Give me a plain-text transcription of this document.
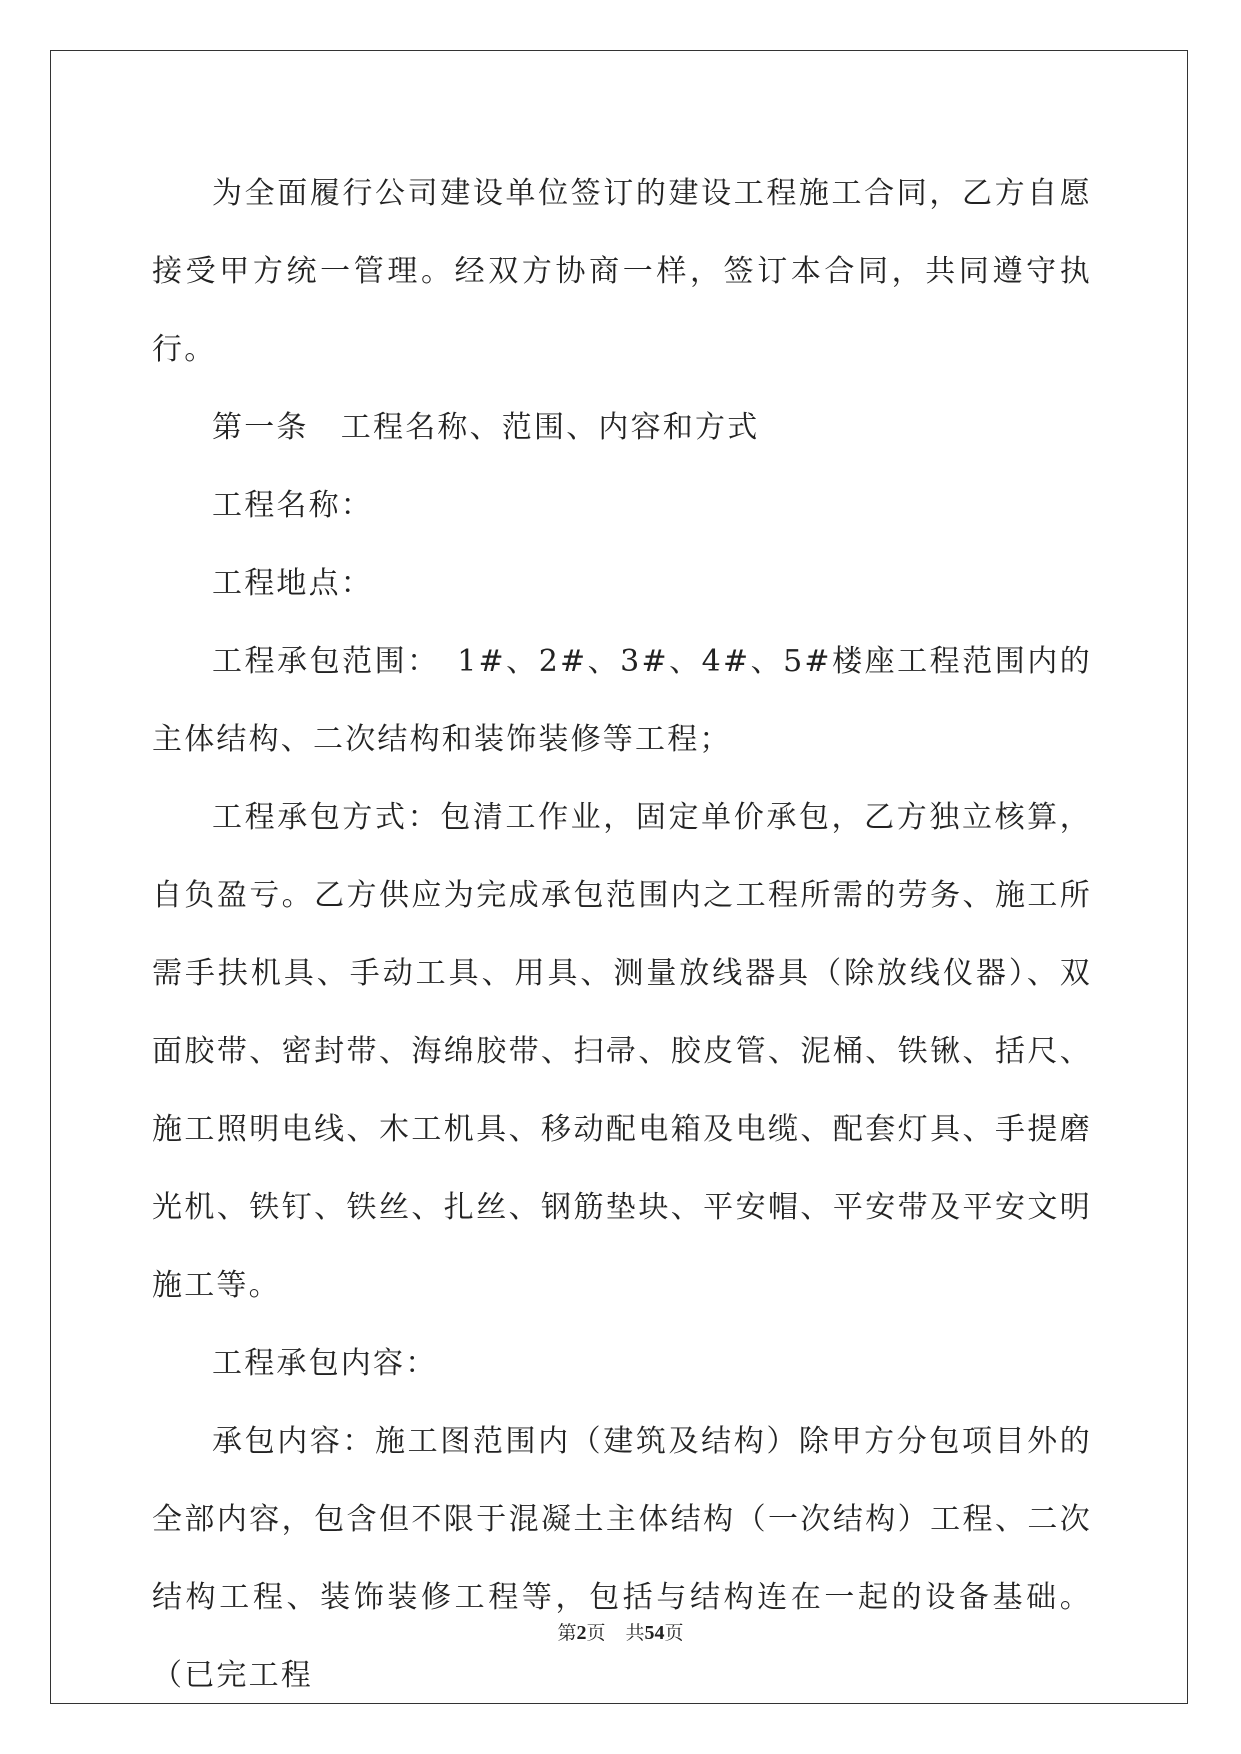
为全面履行公司建设单位签订的建设工程施工合同，乙方自愿接受甲方统一管理。经双方协商一样，签订本合同，共同遵守执行。

第一条　工程名称、范围、内容和方式

工程名称：

工程地点：

工程承包范围：　1#、2#、3#、4#、5#楼座工程范围内的主体结构、二次结构和装饰装修等工程；

工程承包方式：包清工作业，固定单价承包，乙方独立核算，自负盈亏。乙方供应为完成承包范围内之工程所需的劳务、施工所需手扶机具、手动工具、用具、测量放线器具（除放线仪器）、双面胶带、密封带、海绵胶带、扫帚、胶皮管、泥桶、铁锹、括尺、施工照明电线、木工机具、移动配电箱及电缆、配套灯具、手提磨光机、铁钉、铁丝、扎丝、钢筋垫块、平安帽、平安带及平安文明施工等。

工程承包内容：

承包内容：施工图范围内（建筑及结构）除甲方分包项目外的全部内容，包含但不限于混凝土主体结构（一次结构）工程、二次结构工程、装饰装修工程等，包括与结构连在一起的设备基础。（已完工程

第2页 共54页
